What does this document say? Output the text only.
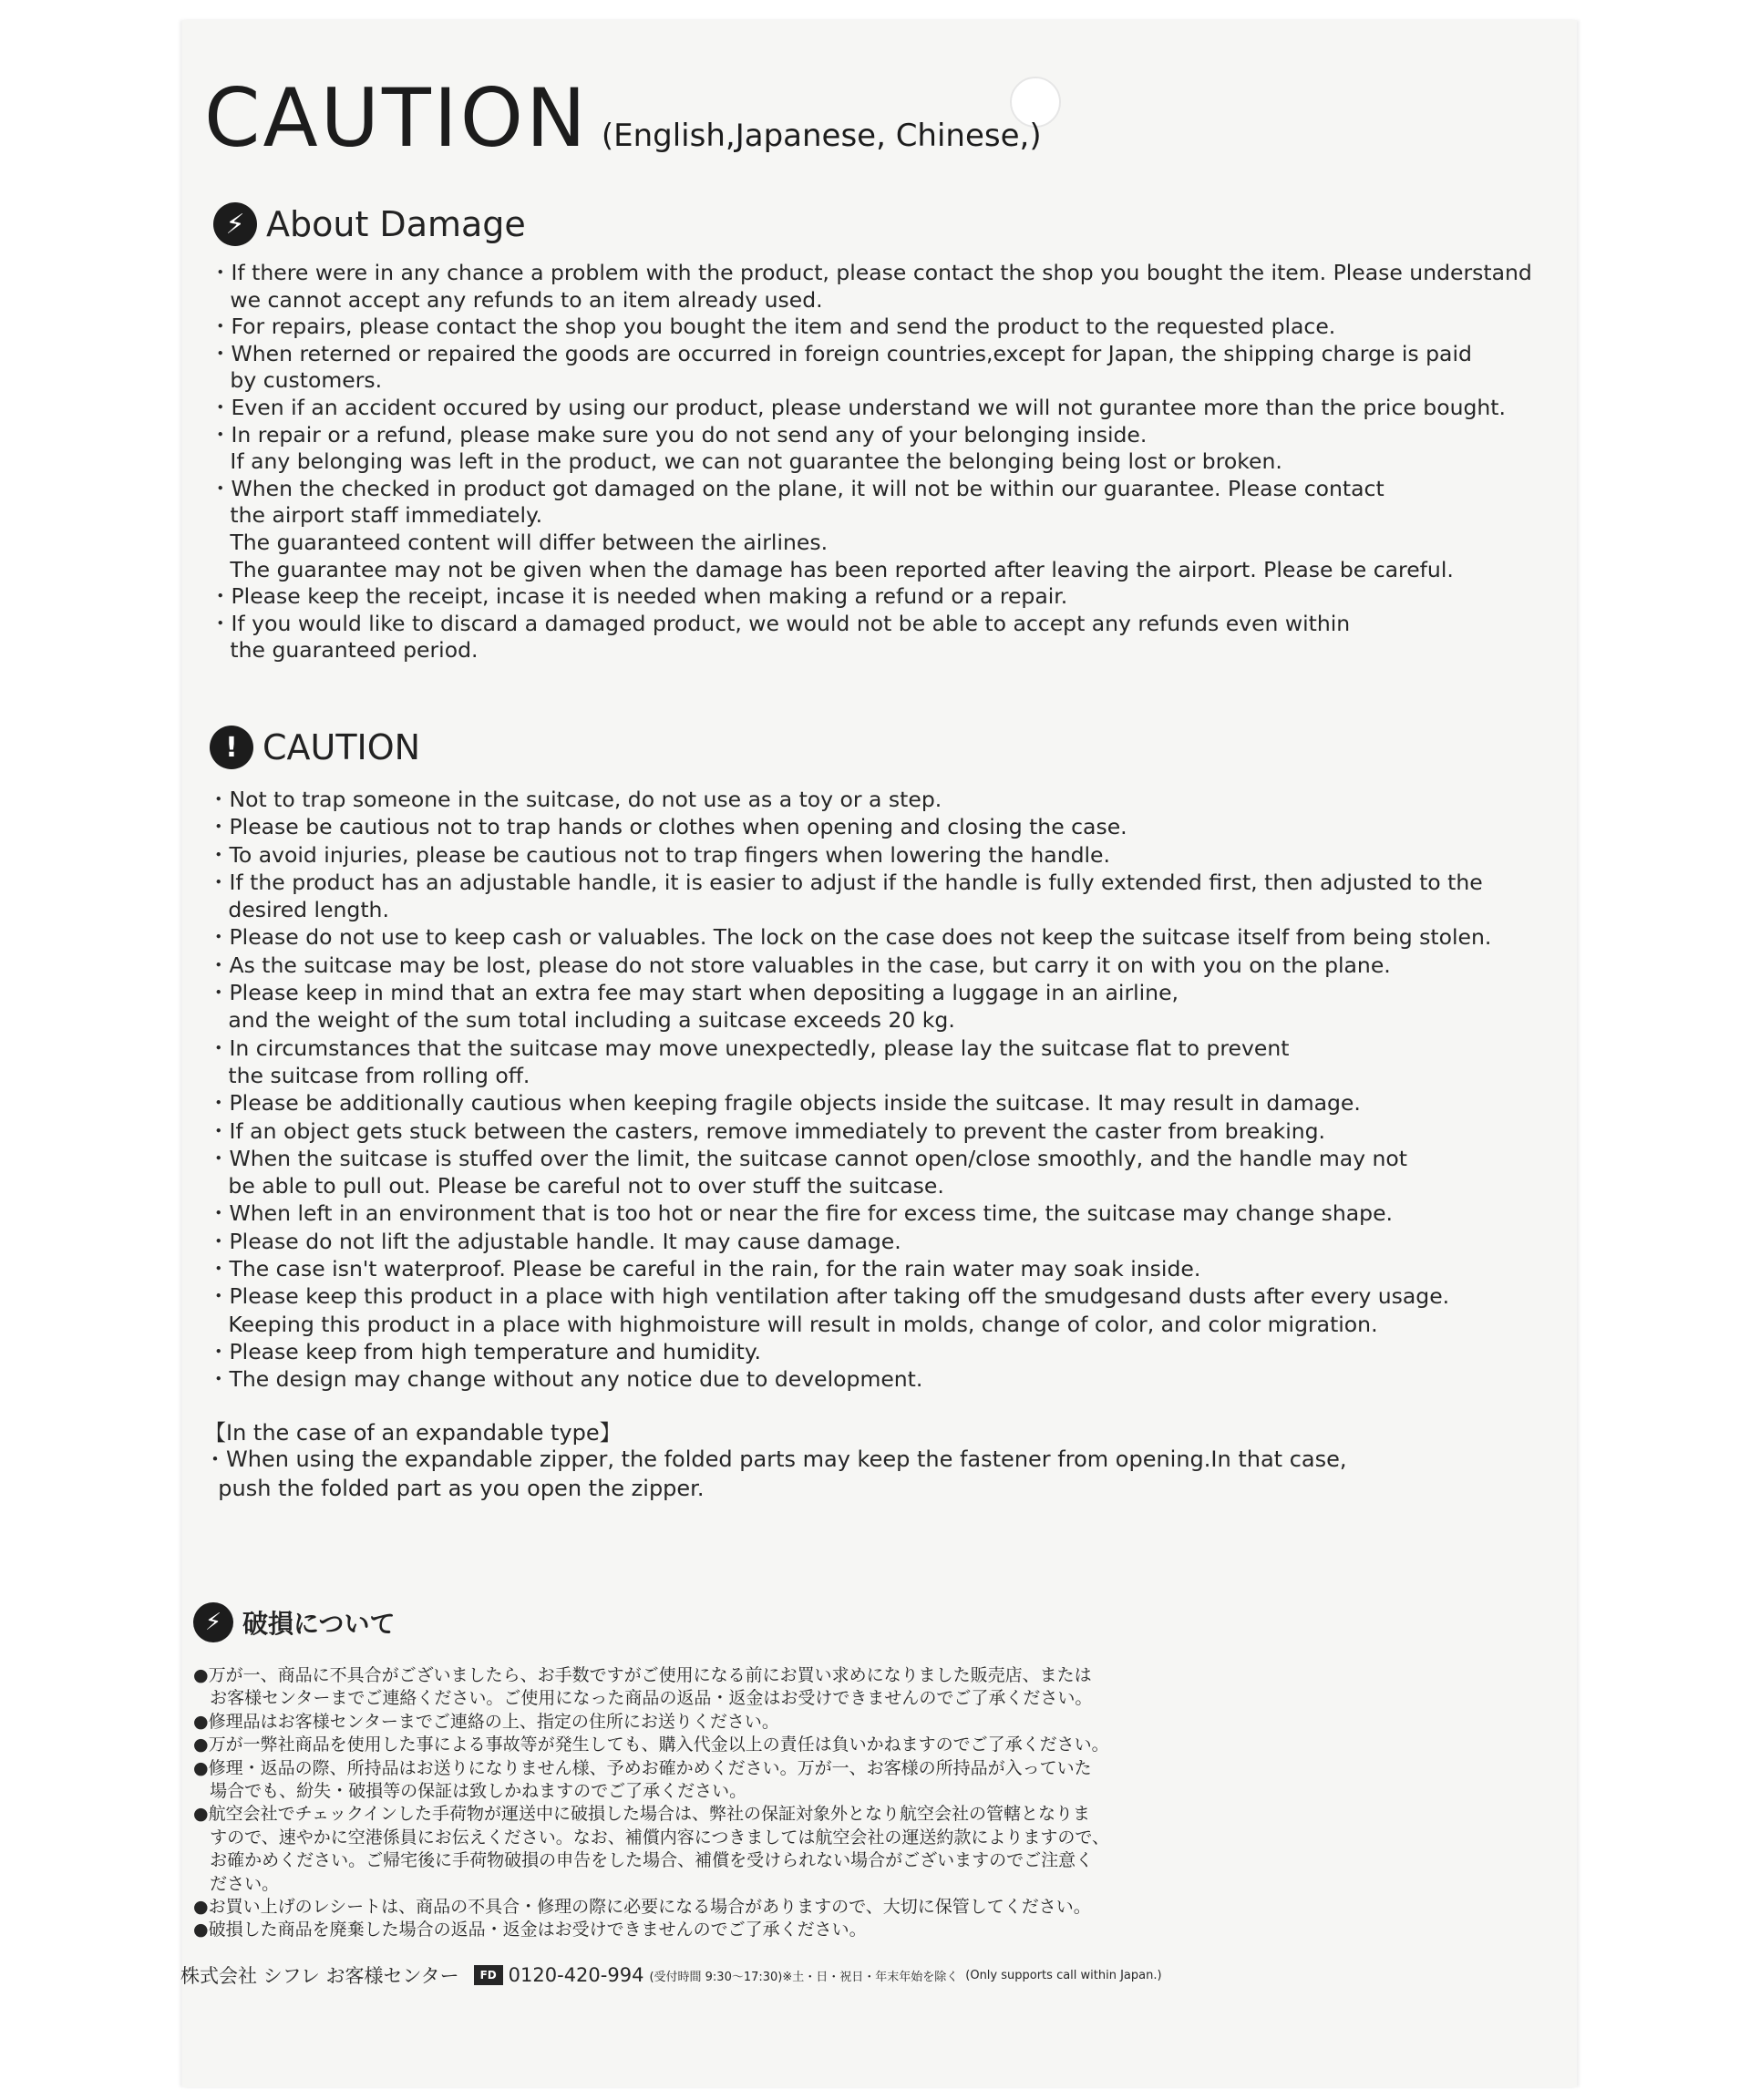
CAUTION (English,Japanese, Chinese,)
⚡ About Damage
・If there were in any chance a problem with the product, please contact the shop you bought the item. Please understand
we cannot accept any refunds to an item already used.
・For repairs, please contact the shop you bought the item and send the product to the requested place.
・When reterned or repaired the goods are occurred in foreign countries,except for Japan, the shipping charge is paid
by customers.
・Even if an accident occured by using our product, please understand we will not gurantee more than the price bought.
・In repair or a refund, please make sure you do not send any of your belonging inside.
If any belonging was left in the product, we can not guarantee the belonging being lost or broken.
・When the checked in product got damaged on the plane, it will not be within our guarantee. Please contact
the airport staff immediately.
The guaranteed content will differ between the airlines.
The guarantee may not be given when the damage has been reported after leaving the airport. Please be careful.
・Please keep the receipt, incase it is needed when making a refund or a repair.
・If you would like to discard a damaged product, we would not be able to accept any refunds even within
the guaranteed period.
! CAUTION
・Not to trap someone in the suitcase, do not use as a toy or a step.
・Please be cautious not to trap hands or clothes when opening and closing the case.
・To avoid injuries, please be cautious not to trap fingers when lowering the handle.
・If the product has an adjustable handle, it is easier to adjust if the handle is fully extended first, then adjusted to the
desired length.
・Please do not use to keep cash or valuables. The lock on the case does not keep the suitcase itself from being stolen.
・As the suitcase may be lost, please do not store valuables in the case, but carry it on with you on the plane.
・Please keep in mind that an extra fee may start when depositing a luggage in an airline,
and the weight of the sum total including a suitcase exceeds 20 kg.
・In circumstances that the suitcase may move unexpectedly, please lay the suitcase flat to prevent
the suitcase from rolling off.
・Please be additionally cautious when keeping fragile objects inside the suitcase. It may result in damage.
・If an object gets stuck between the casters, remove immediately to prevent the caster from breaking.
・When the suitcase is stuffed over the limit, the suitcase cannot open/close smoothly, and the handle may not
be able to pull out. Please be careful not to over stuff the suitcase.
・When left in an environment that is too hot or near the fire for excess time, the suitcase may change shape.
・Please do not lift the adjustable handle. It may cause damage.
・The case isn't waterproof. Please be careful in the rain, for the rain water may soak inside.
・Please keep this product in a place with high ventilation after taking off the smudgesand dusts after every usage.
Keeping this product in a place with highmoisture will result in molds, change of color, and color migration.
・Please keep from high temperature and humidity.
・The design may change without any notice due to development.
【In the case of an expandable type】
・When using the expandable zipper, the folded parts may keep the fastener from opening.In that case,
push the folded part as you open the zipper.
⚡ 破損について
●万が一、商品に不具合がございましたら、お手数ですがご使用になる前にお買い求めになりました販売店、または
お客様センターまでご連絡ください。ご使用になった商品の返品・返金はお受けできませんのでご了承ください。
●修理品はお客様センターまでご連絡の上、指定の住所にお送りください。
●万が一弊社商品を使用した事による事故等が発生しても、購入代金以上の責任は負いかねますのでご了承ください。
●修理・返品の際、所持品はお送りになりません様、予めお確かめください。万が一、お客様の所持品が入っていた
場合でも、紛失・破損等の保証は致しかねますのでご了承ください。
●航空会社でチェックインした手荷物が運送中に破損した場合は、弊社の保証対象外となり航空会社の管轄となりま
すので、速やかに空港係員にお伝えください。なお、補償内容につきましては航空会社の運送約款によりますので、
お確かめください。ご帰宅後に手荷物破損の申告をした場合、補償を受けられない場合がございますのでご注意く
ださい。
●お買い上げのレシートは、商品の不具合・修理の際に必要になる場合がありますので、大切に保管してください。
●破損した商品を廃棄した場合の返品・返金はお受けできませんのでご了承ください。
株式会社 シフレ お客様センター	FD 0120-420-994 (受付時間 9:30〜17:30)※土・日・祝日・年末年始を除く (Only supports call within Japan.)
